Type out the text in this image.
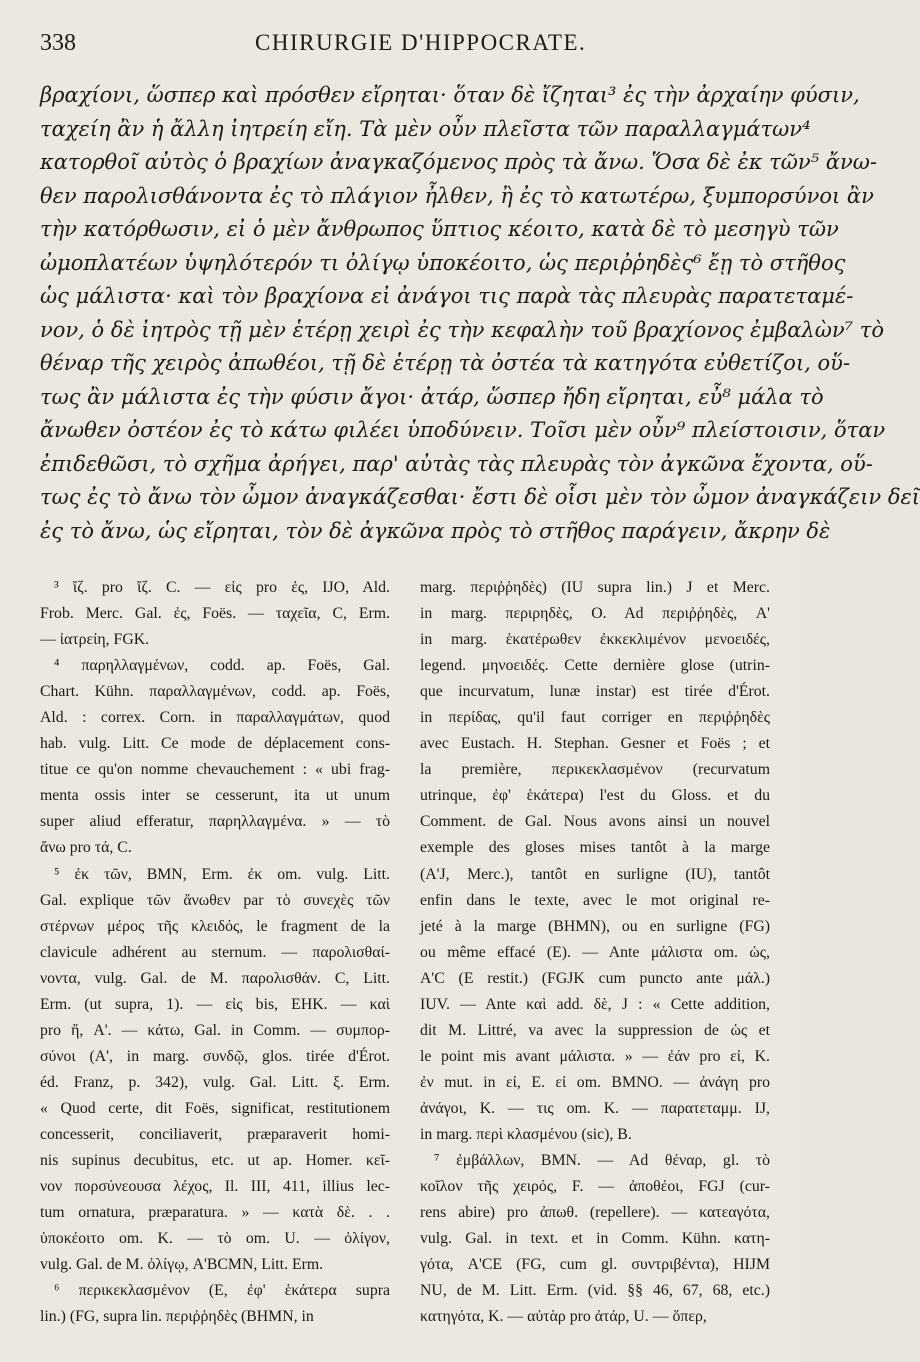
338	CHIRURGIE D'HIPPOCRATE.
βραχίονι, ὥσπερ καὶ πρόσθεν εἴρηται· ὅταν δὲ ἴζηται³ ἐς τὴν ἀρχαίην φύσιν,
ταχείη ἂν ἡ ἄλλη ἰητρείη εἴη. Τὰ μὲν οὖν πλεῖστα τῶν παραλλαγμάτων⁴
κατορθοῖ αὐτὸς ὁ βραχίων ἀναγκαζόμενος πρὸς τὰ ἄνω. Ὅσα δὲ ἐκ τῶν⁵ ἄνω-
θεν παρολισθάνοντα ἐς τὸ πλάγιον ἦλθεν, ἢ ἐς τὸ κατωτέρω, ξυμπορσύνοι ἂν
τὴν κατόρθωσιν, εἰ ὁ μὲν ἄνθρωπος ὕπτιος κέοιτο, κατὰ δὲ τὸ μεσηγὺ τῶν
ὠμοπλατέων ὑψηλότερόν τι ὀλίγῳ ὑποκέοιτο, ὡς περιῤῥηδὲς⁶ ἔῃ τὸ στῆθος
ὡς μάλιστα· καὶ τὸν βραχίονα εἰ ἀνάγοι τις παρὰ τὰς πλευρὰς παρατεταμέ-
νον, ὁ δὲ ἰητρὸς τῇ μὲν ἑτέρῃ χειρὶ ἐς τὴν κεφαλὴν τοῦ βραχίονος ἐμβαλὼν⁷ τὸ
θέναρ τῆς χειρὸς ἀπωθέοι, τῇ δὲ ἑτέρῃ τὰ ὀστέα τὰ κατηγότα εὐθετίζοι, οὕ-
τως ἂν μάλιστα ἐς τὴν φύσιν ἄγοι· ἀτάρ, ὥσπερ ἤδη εἴρηται, εὖ⁸ μάλα τὸ
ἄνωθεν ὀστέον ἐς τὸ κάτω φιλέει ὑποδύνειν. Τοῖσι μὲν οὖν⁹ πλείστοισιν, ὅταν
ἐπιδεθῶσι, τὸ σχῆμα ἀρήγει, παρ' αὐτὰς τὰς πλευρὰς τὸν ἀγκῶνα ἔχοντα, οὕ-
τως ἐς τὸ ἄνω τὸν ὦμον ἀναγκάζεσθαι· ἔστι δὲ οἷσι μὲν τὸν ὦμον ἀναγκάζειν δεῖ
ἐς τὸ ἄνω, ὡς εἴρηται, τὸν δὲ ἀγκῶνα πρὸς τὸ στῆθος παράγειν, ἄκρην δὲ
³ ἴζ. pro ἴζ. C. — εἰς pro ἐς, IJO, Ald.
Frob. Merc. Gal. ἐς, Foës. — ταχεῖα, C, Erm.
— ἰατρείη, FGK.
⁴ παρηλλαγμένων, codd. ap. Foës, Gal.
Chart. Kühn. παραλλαγμένων, codd. ap. Foës,
Ald. : correx. Corn. in παραλλαγμάτων, quod
hab. vulg. Litt. Ce mode de déplacement cons-
titue ce qu'on nomme chevauchement : « ubi frag-
menta ossis inter se cesserunt, ita ut unum
super aliud efferatur, παρηλλαγμένα. » — τὸ
ἄνω pro τά, C.
⁵ ἐκ τῶν, BMN, Erm. ἐκ om. vulg. Litt.
Gal. explique τῶν ἄνωθεν par τὸ συνεχὲς τῶν
στέρνων μέρος τῆς κλειδός, le fragment de la
clavicule adhérent au sternum. — παρολισθαί-
νοντα, vulg. Gal. de M. παρολισθάν. C, Litt.
Erm. (ut supra, 1). — εἰς bis, EHK. — καὶ
pro ἤ, A'. — κάτω, Gal. in Comm. — συμπορ-
σύνοι (A', in marg. συνδῷ, glos. tirée d'Érot.
éd. Franz, p. 342), vulg. Gal. Litt. ξ. Erm.
« Quod certe, dit Foës, significat, restitutionem
concesserit, conciliaverit, præparaverit homi-
nis supinus decubitus, etc. ut ap. Homer. κεῖ-
νον πορσύνεουσα λέχος, Il. III, 411, illius lec-
tum ornatura, præparatura. » — κατὰ δὲ. . .
ὑποκέοιτο om. K. — τὸ om. U. — ὀλίγον,
vulg. Gal. de M. ὀλίγῳ, A'BCMN, Litt. Erm.
⁶ περικεκλασμένον (E, ἐφ' ἑκάτερα supra
lin.) (FG, supra lin. περιῤῥηδὲς (BHMN, in
marg. περιῤῥηδὲς) (IU supra lin.) J et Merc.
in marg. περιρηδὲς, O. Ad περιῤῥηδὲς, A'
in marg. ἑκατέρωθεν ἐκκεκλιμένον μενοειδές,
legend. μηνοειδές. Cette dernière glose (utrin-
que incurvatum, lunæ instar) est tirée d'Érot.
in περίδας, qu'il faut corriger en περιῤῥηδὲς
avec Eustach. H. Stephan. Gesner et Foës ; et
la première, περικεκλασμένον (recurvatum
utrinque, ἐφ' ἑκάτερα) l'est du Gloss. et du
Comment. de Gal. Nous avons ainsi un nouvel
exemple des gloses mises tantôt à la marge
(A'J, Merc.), tantôt en surligne (IU), tantôt
enfin dans le texte, avec le mot original re-
jeté à la marge (BHMN), ou en surligne (FG)
ou même effacé (E). — Ante μάλιστα om. ὡς,
A'C (E restit.) (FGJK cum puncto ante μάλ.)
IUV. — Ante καὶ add. δὲ, J : « Cette addition,
dit M. Littré, va avec la suppression de ὡς et
le point mis avant μάλιστα. » — ἐάν pro εἰ, K.
ἐν mut. in εἰ, E. εἰ om. BMNO. — ἀνάγη pro
ἀνάγοι, K. — τις om. K. — παρατεταμμ. IJ,
in marg. περὶ κλασμένου (sic), B.
⁷ ἐμβάλλων, BMN. — Ad θέναρ, gl. τὸ
κοῖλον τῆς χειρός, F. — ἀποθέοι, FGJ (cur-
rens abire) pro ἀπωθ. (repellere). — κατεαγότα,
vulg. Gal. in text. et in Comm. Kühn. κατη-
γότα, A'CE (FG, cum gl. συντριβέντα), HIJM
NU, de M. Litt. Erm. (vid. §§ 46, 67, 68, etc.)
κατηγότα, K. — αὐτὰρ pro ἀτάρ, U. — ὅπερ,
